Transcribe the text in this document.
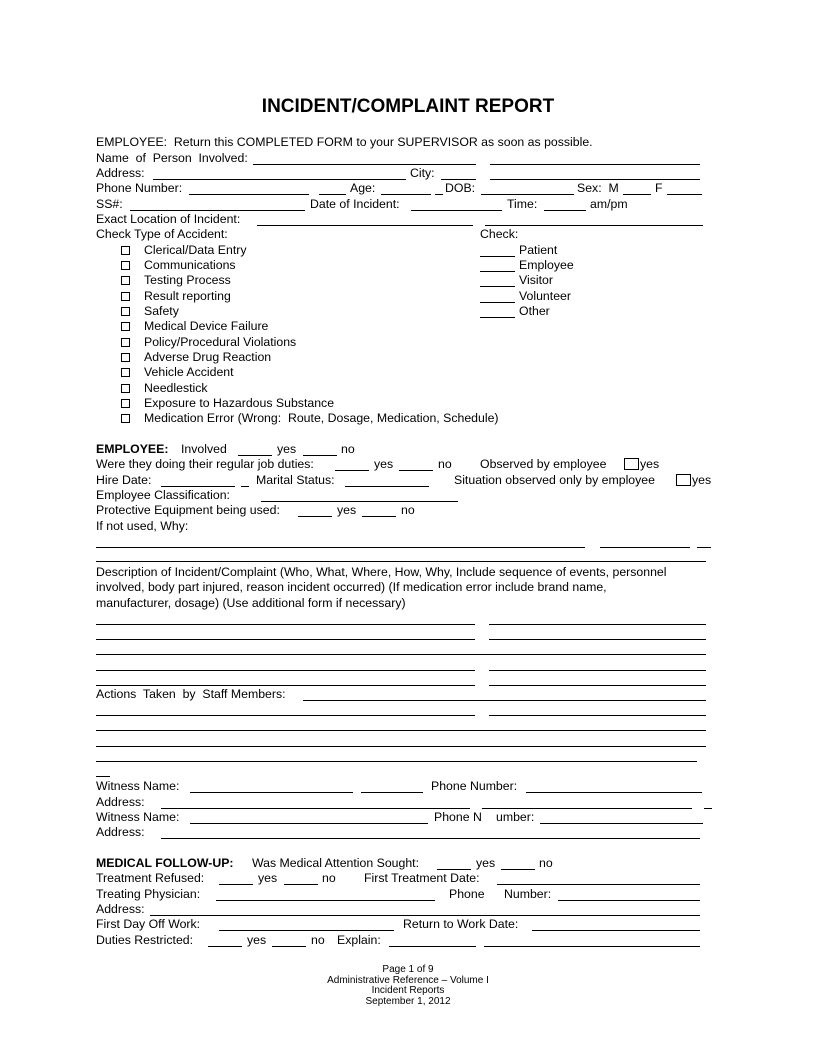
INCIDENT/COMPLAINT REPORT
EMPLOYEE:  Return this COMPLETED FORM to your SUPERVISOR as soon as possible.
Name  of  Person  Involved:
Address:	City:
Phone Number:	Age:	DOB:	Sex:  M	F
SS#:	Date of Incident:	Time:	am/pm
Exact Location of Incident:
Check Type of Accident:	Check:
Clerical/Data Entry
Communications
Testing Process
Result reporting
Safety
Medical Device Failure
Policy/Procedural Violations
Adverse Drug Reaction
Vehicle Accident
Needlestick
Exposure to Hazardous Substance
Medication Error (Wrong:  Route, Dosage, Medication, Schedule)
Patient
Employee
Visitor
Volunteer
Other
EMPLOYEE: Involved	yes	no
Were they doing their regular job duties:	yes	no Observed by employee	yes
Hire Date:	Marital Status:	Situation observed only by employee	yes
Employee Classification:
Protective Equipment being used:	yes	no
If not used, Why:
Description of Incident/Complaint (Who, What, Where, How, Why, Include sequence of events, personnel
involved, body part injured, reason incident occurred) (If medication error include brand name,
manufacturer, dosage) (Use additional form if necessary)
Actions  Taken  by  Staff Members:
Witness Name:	Phone Number:
Address:
Witness Name:	Phone N umber:
Address:
MEDICAL FOLLOW-UP: Was Medical Attention Sought:	yes	no
Treatment Refused:	yes	no First Treatment Date:
Treating Physician:	Phone Number:
Address:
First Day Off Work:	Return to Work Date:
Duties Restricted:	yes	no Explain:
Page 1 of 9
Administrative Reference – Volume I
Incident Reports
September 1, 2012
